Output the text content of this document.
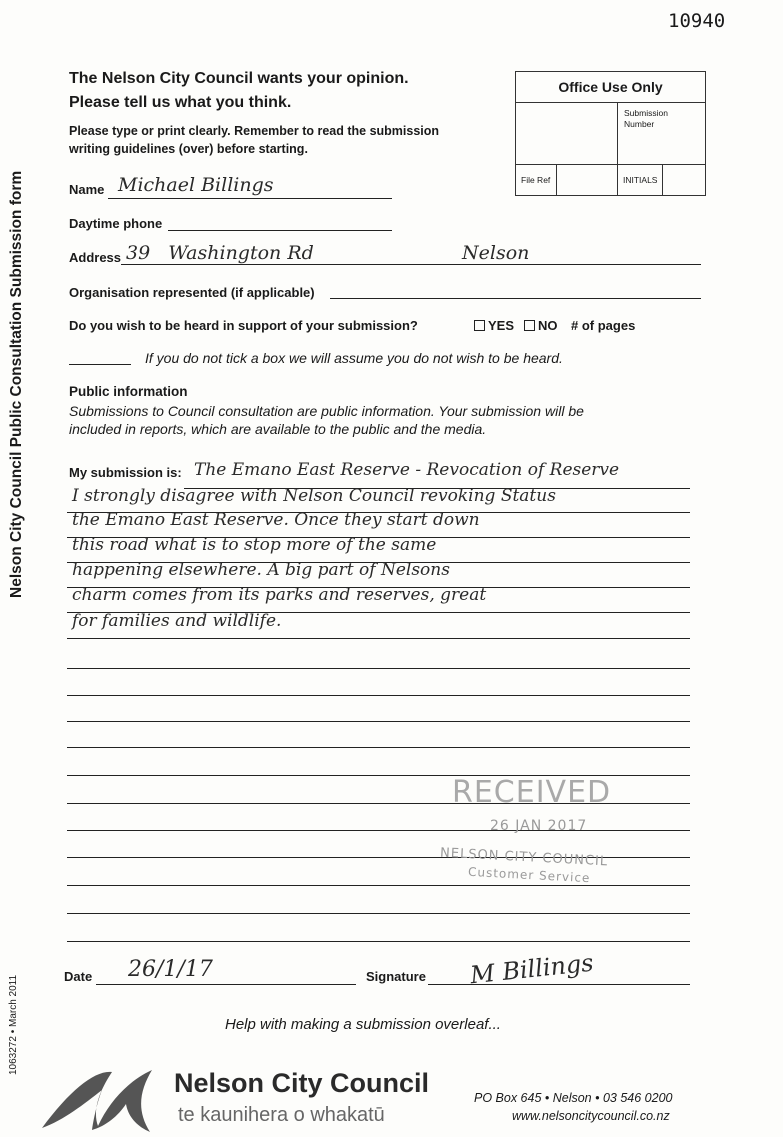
10940
Nelson City Council Public Consultation Submission form
1063272 • March 2011
The Nelson City Council wants your opinion.
Please tell us what you think.
Please type or print clearly. Remember to read the submission
writing guidelines (over) before starting.
Office Use Only
Submission
Number
File Ref	INITIALS
Name Michael Billings
Daytime phone
Address 39   Washington Rd	Nelson
Organisation represented (if applicable)
Do you wish to be heard in support of your submission?	YES	NO # of pages
If you do not tick a box we will assume you do not wish to be heard.
Public information
Submissions to Council consultation are public information. Your submission will be
included in reports, which are available to the public and the media.
My submission is: The Emano East Reserve - Revocation of Reserve
I strongly disagree with Nelson Council revoking Status
the Emano East Reserve. Once they start down
this road what is to stop more of the same
happening elsewhere. A big part of Nelsons
charm comes from its parks and reserves, great
for families and wildlife.
RECEIVED
26 JAN 2017
NELSON CITY COUNCIL
Customer Service
Date 26/1/17	Signature M Billings
Help with making a submission overleaf...
Nelson City Council
te kaunihera o whakatū
PO Box 645 • Nelson • 03 546 0200
www.nelsoncitycouncil.co.nz
